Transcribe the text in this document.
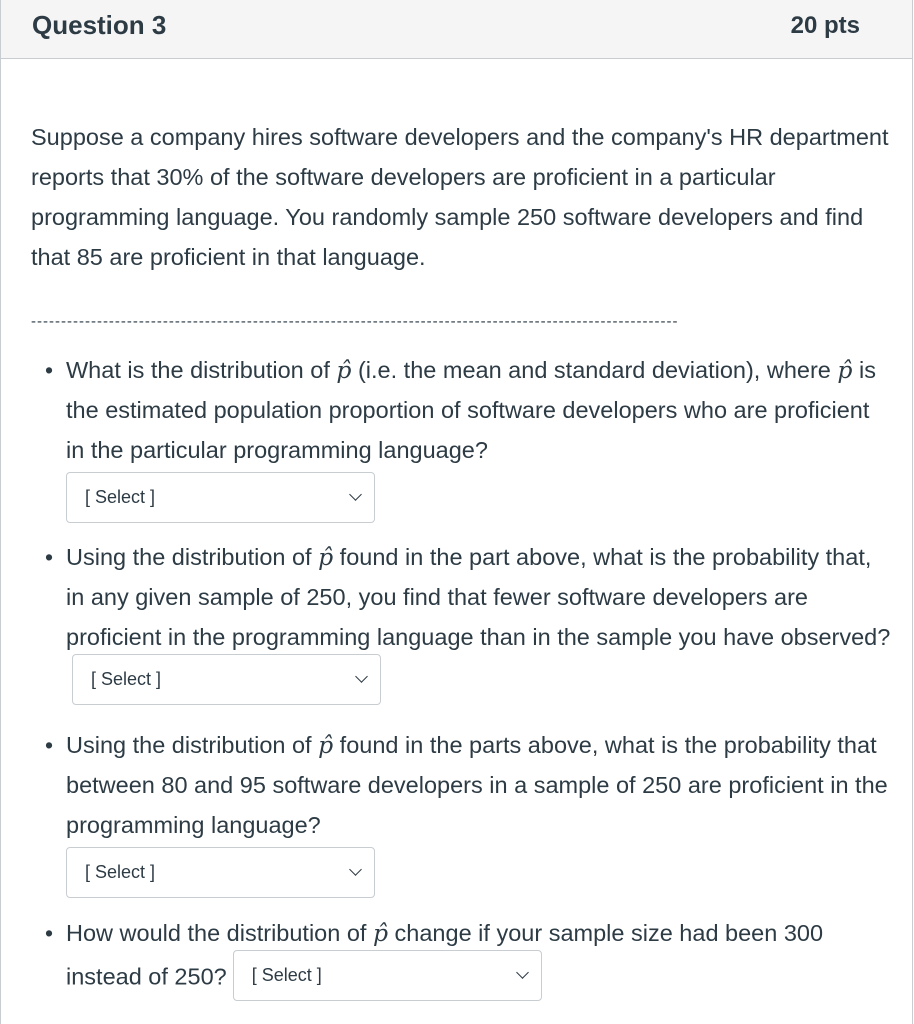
Question 3	20 pts
Suppose a company hires software developers and the company's HR department reports that 30% of the software developers are proficient in a particular programming language. You randomly sample 250 software developers and find that 85 are proficient in that language.
------------------------------------------------------------------------------------------------------------
• What is the distribution of p̂ (i.e. the mean and standard deviation), where p̂ is the estimated population proportion of software developers who are proficient in the particular programming language?
[ Select ]
• Using the distribution of p̂ found in the part above, what is the probability that, in any given sample of 250, you find that fewer software developers are proficient in the programming language than in the sample you have observed?
[ Select ]
• Using the distribution of p̂ found in the parts above, what is the probability that between 80 and 95 software developers in a sample of 250 are proficient in the programming language?
[ Select ]
• How would the distribution of p̂ change if your sample size had been 300 instead of 250? [ Select ]
